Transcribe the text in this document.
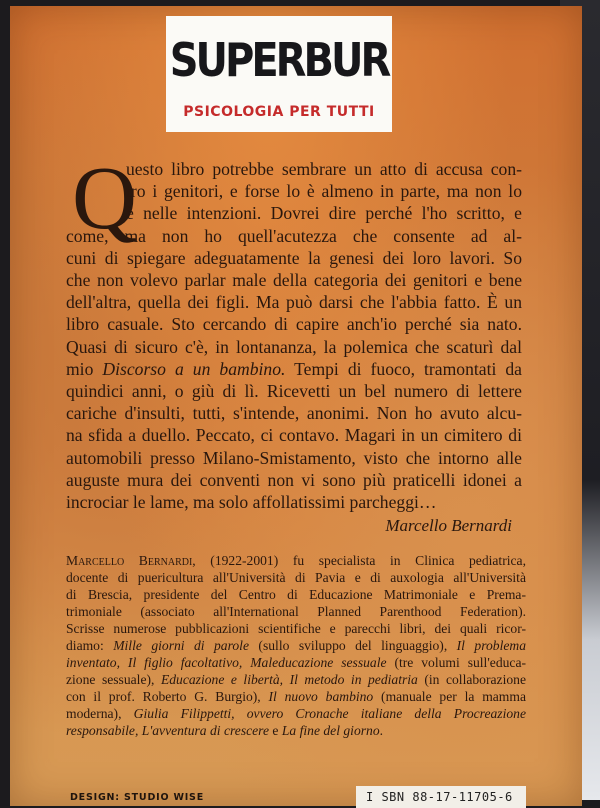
SUPERBUR
PSICOLOGIA PER TUTTI
Q
uesto libro potrebbe sembrare un atto di accusa con-
tro i genitori, e forse lo è almeno in parte, ma non lo
è nelle intenzioni. Dovrei dire perché l'ho scritto, e
come, ma non ho quell'acutezza che consente ad al-
cuni di spiegare adeguatamente la genesi dei loro lavori. So
che non volevo parlar male della categoria dei genitori e bene
dell'altra, quella dei figli. Ma può darsi che l'abbia fatto. È un
libro casuale. Sto cercando di capire anch'io perché sia nato.
Quasi di sicuro c'è, in lontananza, la polemica che scaturì dal
mio Discorso a un bambino. Tempi di fuoco, tramontati da
quindici anni, o giù di lì. Ricevetti un bel numero di lettere
cariche d'insulti, tutti, s'intende, anonimi. Non ho avuto alcu-
na sfida a duello. Peccato, ci contavo. Magari in un cimitero di
automobili presso Milano-Smistamento, visto che intorno alle
auguste mura dei conventi non vi sono più praticelli idonei a
incrociar le lame, ma solo affollatissimi parcheggi…
Marcello Bernardi
Marcello Bernardi, (1922-2001) fu specialista in Clinica pediatrica,
docente di puericultura all'Università di Pavia e di auxologia all'Università
di Brescia, presidente del Centro di Educazione Matrimoniale e Prema-
trimoniale (associato all'International Planned Parenthood Federation).
Scrisse numerose pubblicazioni scientifiche e parecchi libri, dei quali ricor-
diamo: Mille giorni di parole (sullo sviluppo del linguaggio), Il problema
inventato, Il figlio facoltativo, Maleducazione sessuale (tre volumi sull'educa-
zione sessuale), Educazione e libertà, Il metodo in pediatria (in collaborazione
con il prof. Roberto G. Burgio), Il nuovo bambino (manuale per la mamma
moderna), Giulia Filippetti, ovvero Cronache italiane della Procreazione
responsabile, L'avventura di crescere e La fine del giorno.
DESIGN: STUDIO WISE	I SBN 88-17-11705-6
